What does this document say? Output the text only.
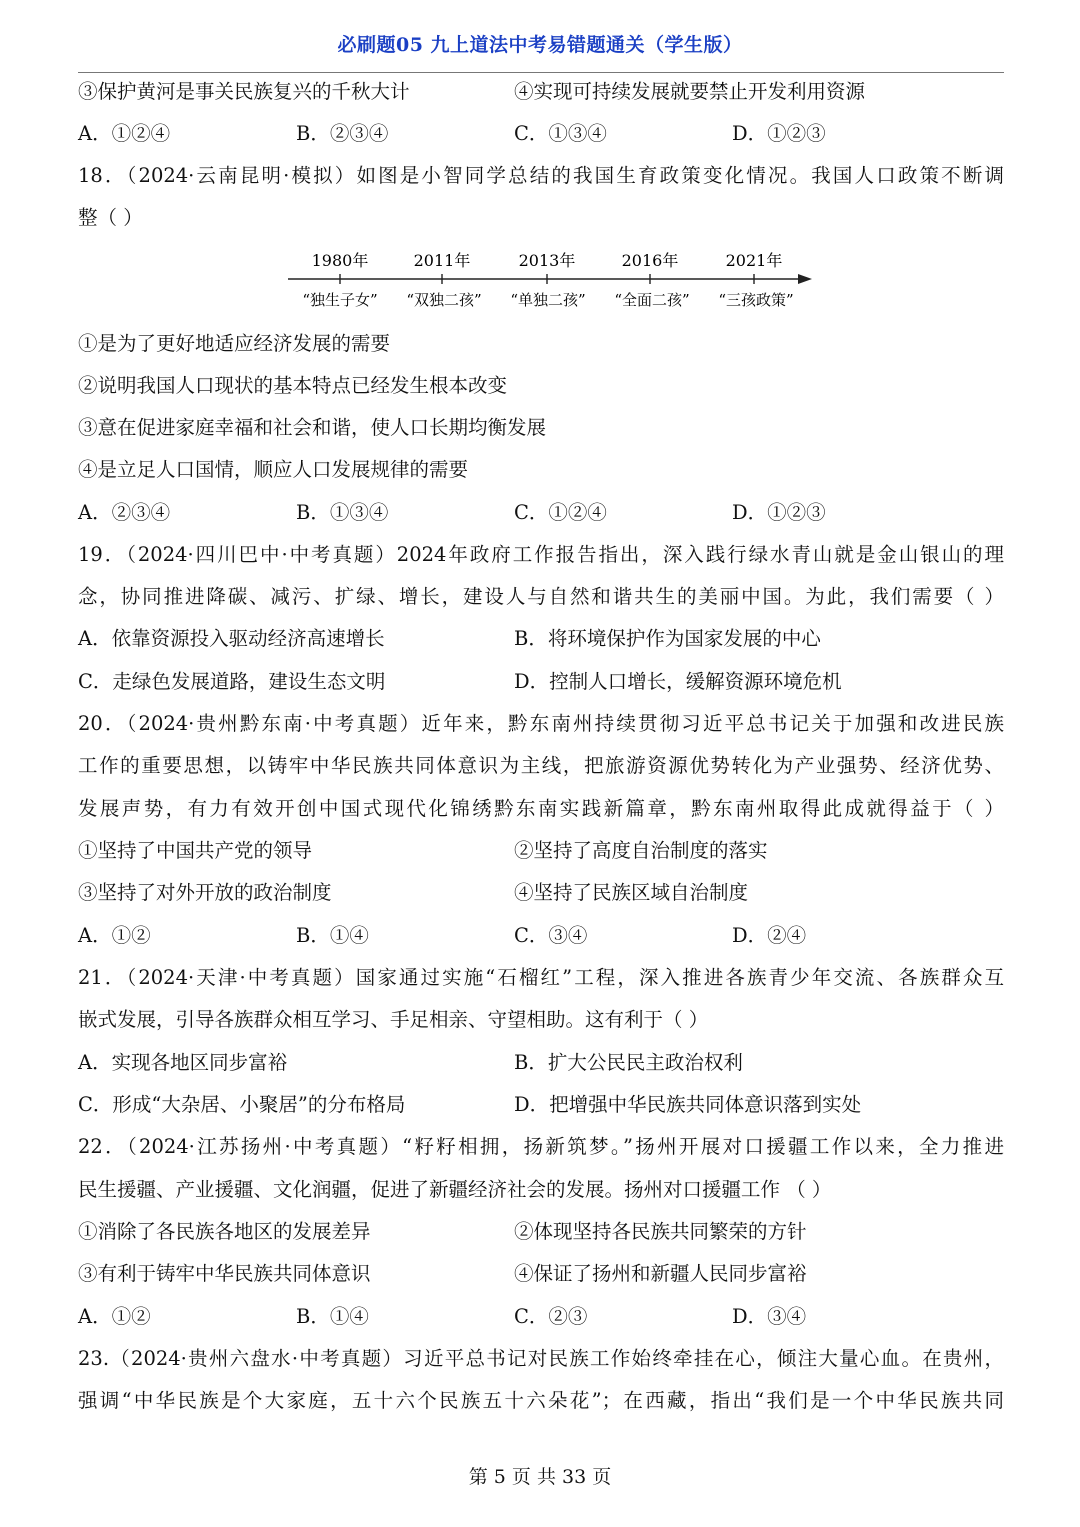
必刷题05 九上道法中考易错题通关（学生版）
③保护黄河是事关民族复兴的千秋大计	④实现可持续发展就要禁止开发利用资源
A．①②④	B．②③④	C．①③④	D．①②③
18．（2024·云南昆明·模拟）如图是小智同学总结的我国生育政策变化情况。我国人口政策不断调
整（ ）
1980年	2011年	2013年	2016年	2021年
“独生子女” “双独二孩” “单独二孩” “全面二孩” “三孩政策”
①是为了更好地适应经济发展的需要
②说明我国人口现状的基本特点已经发生根本改变
③意在促进家庭幸福和社会和谐，使人口长期均衡发展
④是立足人口国情，顺应人口发展规律的需要
A．②③④	B．①③④	C．①②④	D．①②③
19．（2024·四川巴中·中考真题）2024年政府工作报告指出，深入践行绿水青山就是金山银山的理
念，协同推进降碳、减污、扩绿、增长，建设人与自然和谐共生的美丽中国。为此，我们需要（ ）
A．依靠资源投入驱动经济高速增长	B．将环境保护作为国家发展的中心
C．走绿色发展道路，建设生态文明	D．控制人口增长，缓解资源环境危机
20．（2024·贵州黔东南·中考真题）近年来，黔东南州持续贯彻习近平总书记关于加强和改进民族
工作的重要思想，以铸牢中华民族共同体意识为主线，把旅游资源优势转化为产业强势、经济优势、
发展声势，有力有效开创中国式现代化锦绣黔东南实践新篇章，黔东南州取得此成就得益于（ ）
①坚持了中国共产党的领导	②坚持了高度自治制度的落实
③坚持了对外开放的政治制度	④坚持了民族区域自治制度
A．①②	B．①④	C．③④	D．②④
21．（2024·天津·中考真题）国家通过实施“石榴红”工程，深入推进各族青少年交流、各族群众互
嵌式发展，引导各族群众相互学习、手足相亲、守望相助。这有利于（ ）
A．实现各地区同步富裕	B．扩大公民民主政治权利
C．形成“大杂居、小聚居”的分布格局	D．把增强中华民族共同体意识落到实处
22．（2024·江苏扬州·中考真题）“籽籽相拥，扬新筑梦。”扬州开展对口援疆工作以来，全力推进
民生援疆、产业援疆、文化润疆，促进了新疆经济社会的发展。扬州对口援疆工作 （ ）
①消除了各民族各地区的发展差异	②体现坚持各民族共同繁荣的方针
③有利于铸牢中华民族共同体意识	④保证了扬州和新疆人民同步富裕
A．①②	B．①④	C．②③	D．③④
23.（2024·贵州六盘水·中考真题）习近平总书记对民族工作始终牵挂在心，倾注大量心血。在贵州，
强调“中华民族是个大家庭，五十六个民族五十六朵花”；在西藏，指出“我们是一个中华民族共同
第 5 页 共 33 页
